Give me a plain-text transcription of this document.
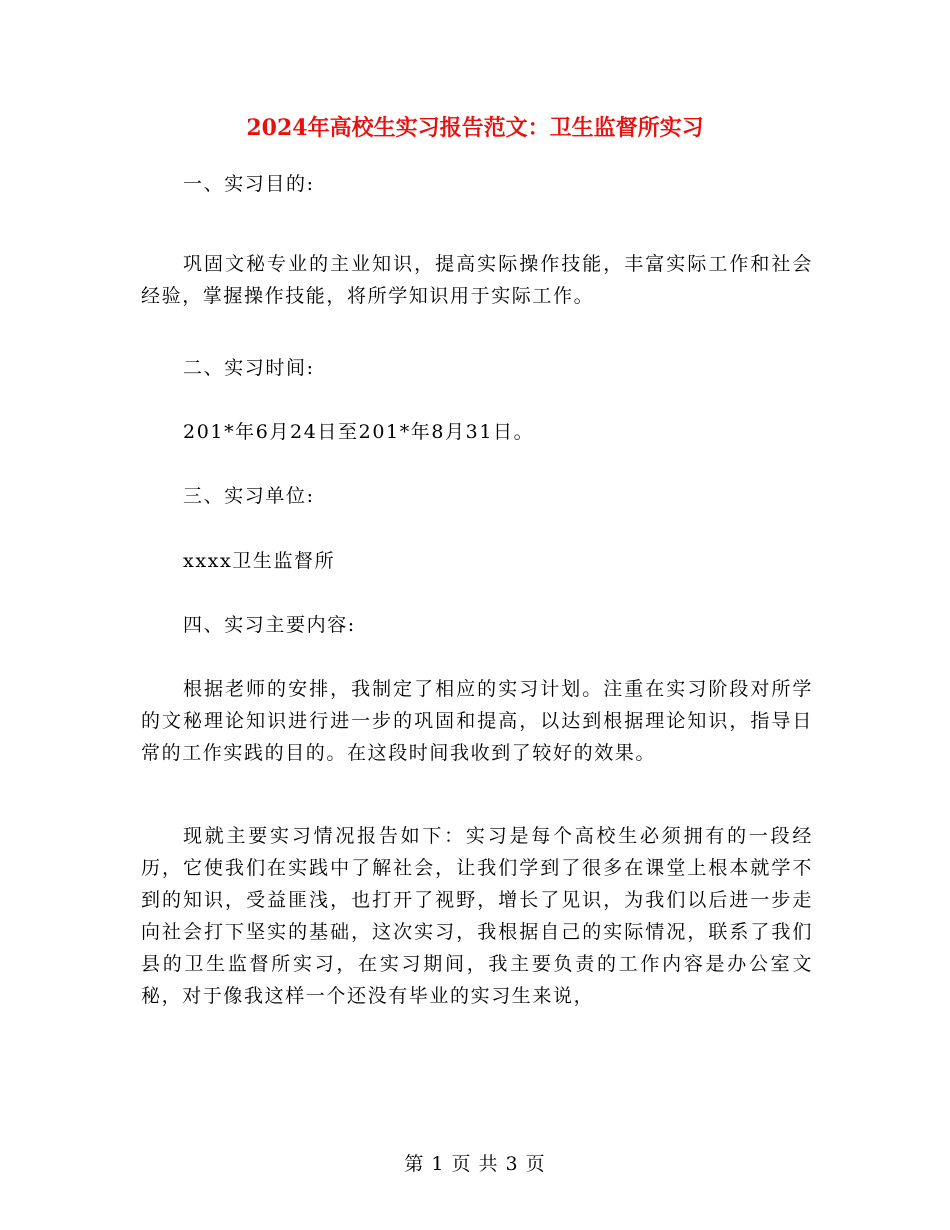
2024年高校生实习报告范文：卫生监督所实习

一、实习目的:

巩固文秘专业的主业知识，提高实际操作技能，丰富实际工作和社会经验，掌握操作技能，将所学知识用于实际工作。

二、实习时间:

201*年6月24日至201*年8月31日。

三、实习单位:

xxxx卫生监督所

四、实习主要内容:

根据老师的安排，我制定了相应的实习计划。注重在实习阶段对所学的文秘理论知识进行进一步的巩固和提高，以达到根据理论知识，指导日常的工作实践的目的。在这段时间我收到了较好的效果。

现就主要实习情况报告如下：实习是每个高校生必须拥有的一段经历，它使我们在实践中了解社会，让我们学到了很多在课堂上根本就学不到的知识，受益匪浅，也打开了视野，增长了见识，为我们以后进一步走向社会打下坚实的基础，这次实习，我根据自己的实际情况，联系了我们县的卫生监督所实习，在实习期间，我主要负责的工作内容是办公室文秘，对于像我这样一个还没有毕业的实习生来说，

第 1 页 共 3 页
